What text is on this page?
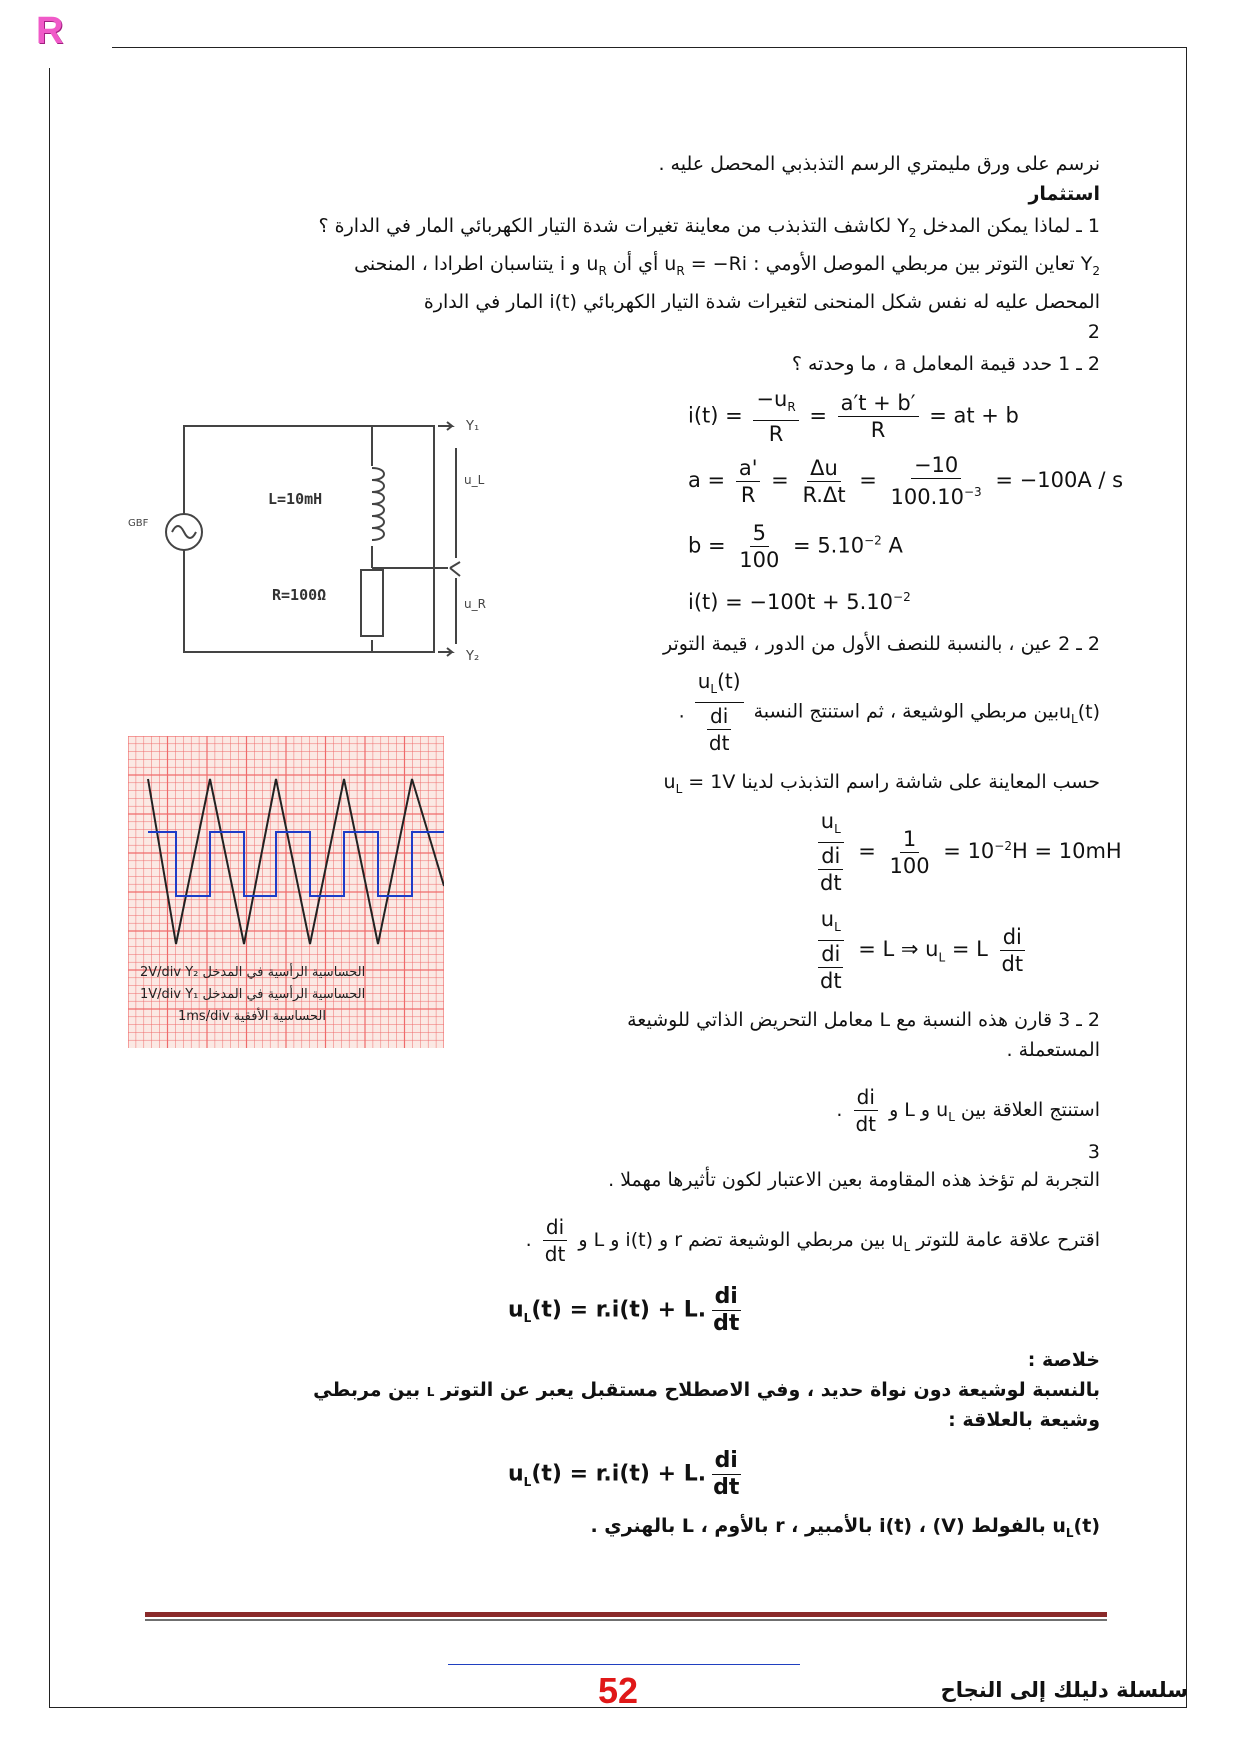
R
نرسم على ورق مليمتري الرسم التذبذبي المحصل عليه .
استثمار
1 ـ لماذا يمكن المدخل $Y_2$ لكاشف التذبذب من معاينة تغيرات شدة التيار الكهربائي المار في الدارة ؟
$Y_2$ تعاين التوتر بين مربطي الموصل الأومي : $u_R = -Ri$ أي أن $u_R$ و i يتناسبان اطرادا ، المنحنى
المحصل عليه له نفس شكل المنحنى لتغيرات شدة التيار الكهربائي i(t) المار في الدارة
2
2 ـ 1 حدد قيمة المعامل a ، ما وحدته ؟
$i(t) = \frac{-u_R}{R} = \frac{a't + b'}{R}$ = at + b
$a = \frac{a'}{R} = \frac{\Delta u}{R.\Delta t} = \frac{-10}{100.10^{-3}} = -100A / s$
$b = \frac{5}{100} = 5.10^{-2}$ A
$i(t) = -100t + 5.10^{-2}$
2 ـ 2 عين ، بالنسبة للنصف الأول من الدور ، قيمة التوتر
$u_L(t)بين$ مربطي الوشيعة ، ثم استنتج النسبة
$\frac{u_L(t)}{\frac{di}{dt}}$
.
حسب المعاينة على شاشة راسم التذبذب لدينا $u_L = 1V$
$\frac{u_L}{\frac{di}{dt}} = \frac{1}{100} = 10^{-2}H = 10mH$
$\frac{u_L}{\frac{di}{dt}} = L$ ⇒ $u_L = L \frac{di}{dt}$
2 ـ 3 قارن هذه النسبة مع L معامل التحريض الذاتي للوشيعة
المستعملة .
استنتج العلاقة بين $u_L$ و L و
$\frac{di}{dt}$
.
3
التجربة لم تؤخذ هذه المقاومة بعين الاعتبار لكون تأثيرها مهملا .
اقترح علاقة عامة للتوتر $u_L$ بين مربطي الوشيعة تضم r و i(t) و L و
$\frac{di}{dt}$
.
$u_L(t) = r.i(t) + L$. $\frac{di}{dt}$
خلاصة :
بالنسبة لوشيعة دون نواة حديد ، وفي الاصطلاح مستقبل يعبر عن التوتر L بين مربطي
وشيعة بالعلاقة :
$u_L(t) = r.i(t) + L$. $\frac{di}{dt}$
$u_L(t)$ بالفولط (V) ، i(t) بالأمبير ، r بالأوم ، L بالهنري .
L=10mH
R=100Ω
Y₁
Y₂
u_L
u_R
GBF
2V/div Y₂ الحساسية الرأسية في المدخل
1V/div Y₁ الحساسية الرأسية في المدخل
1ms/div الحساسية الأفقية
52	سلسلة دليلك إلى النجاح
